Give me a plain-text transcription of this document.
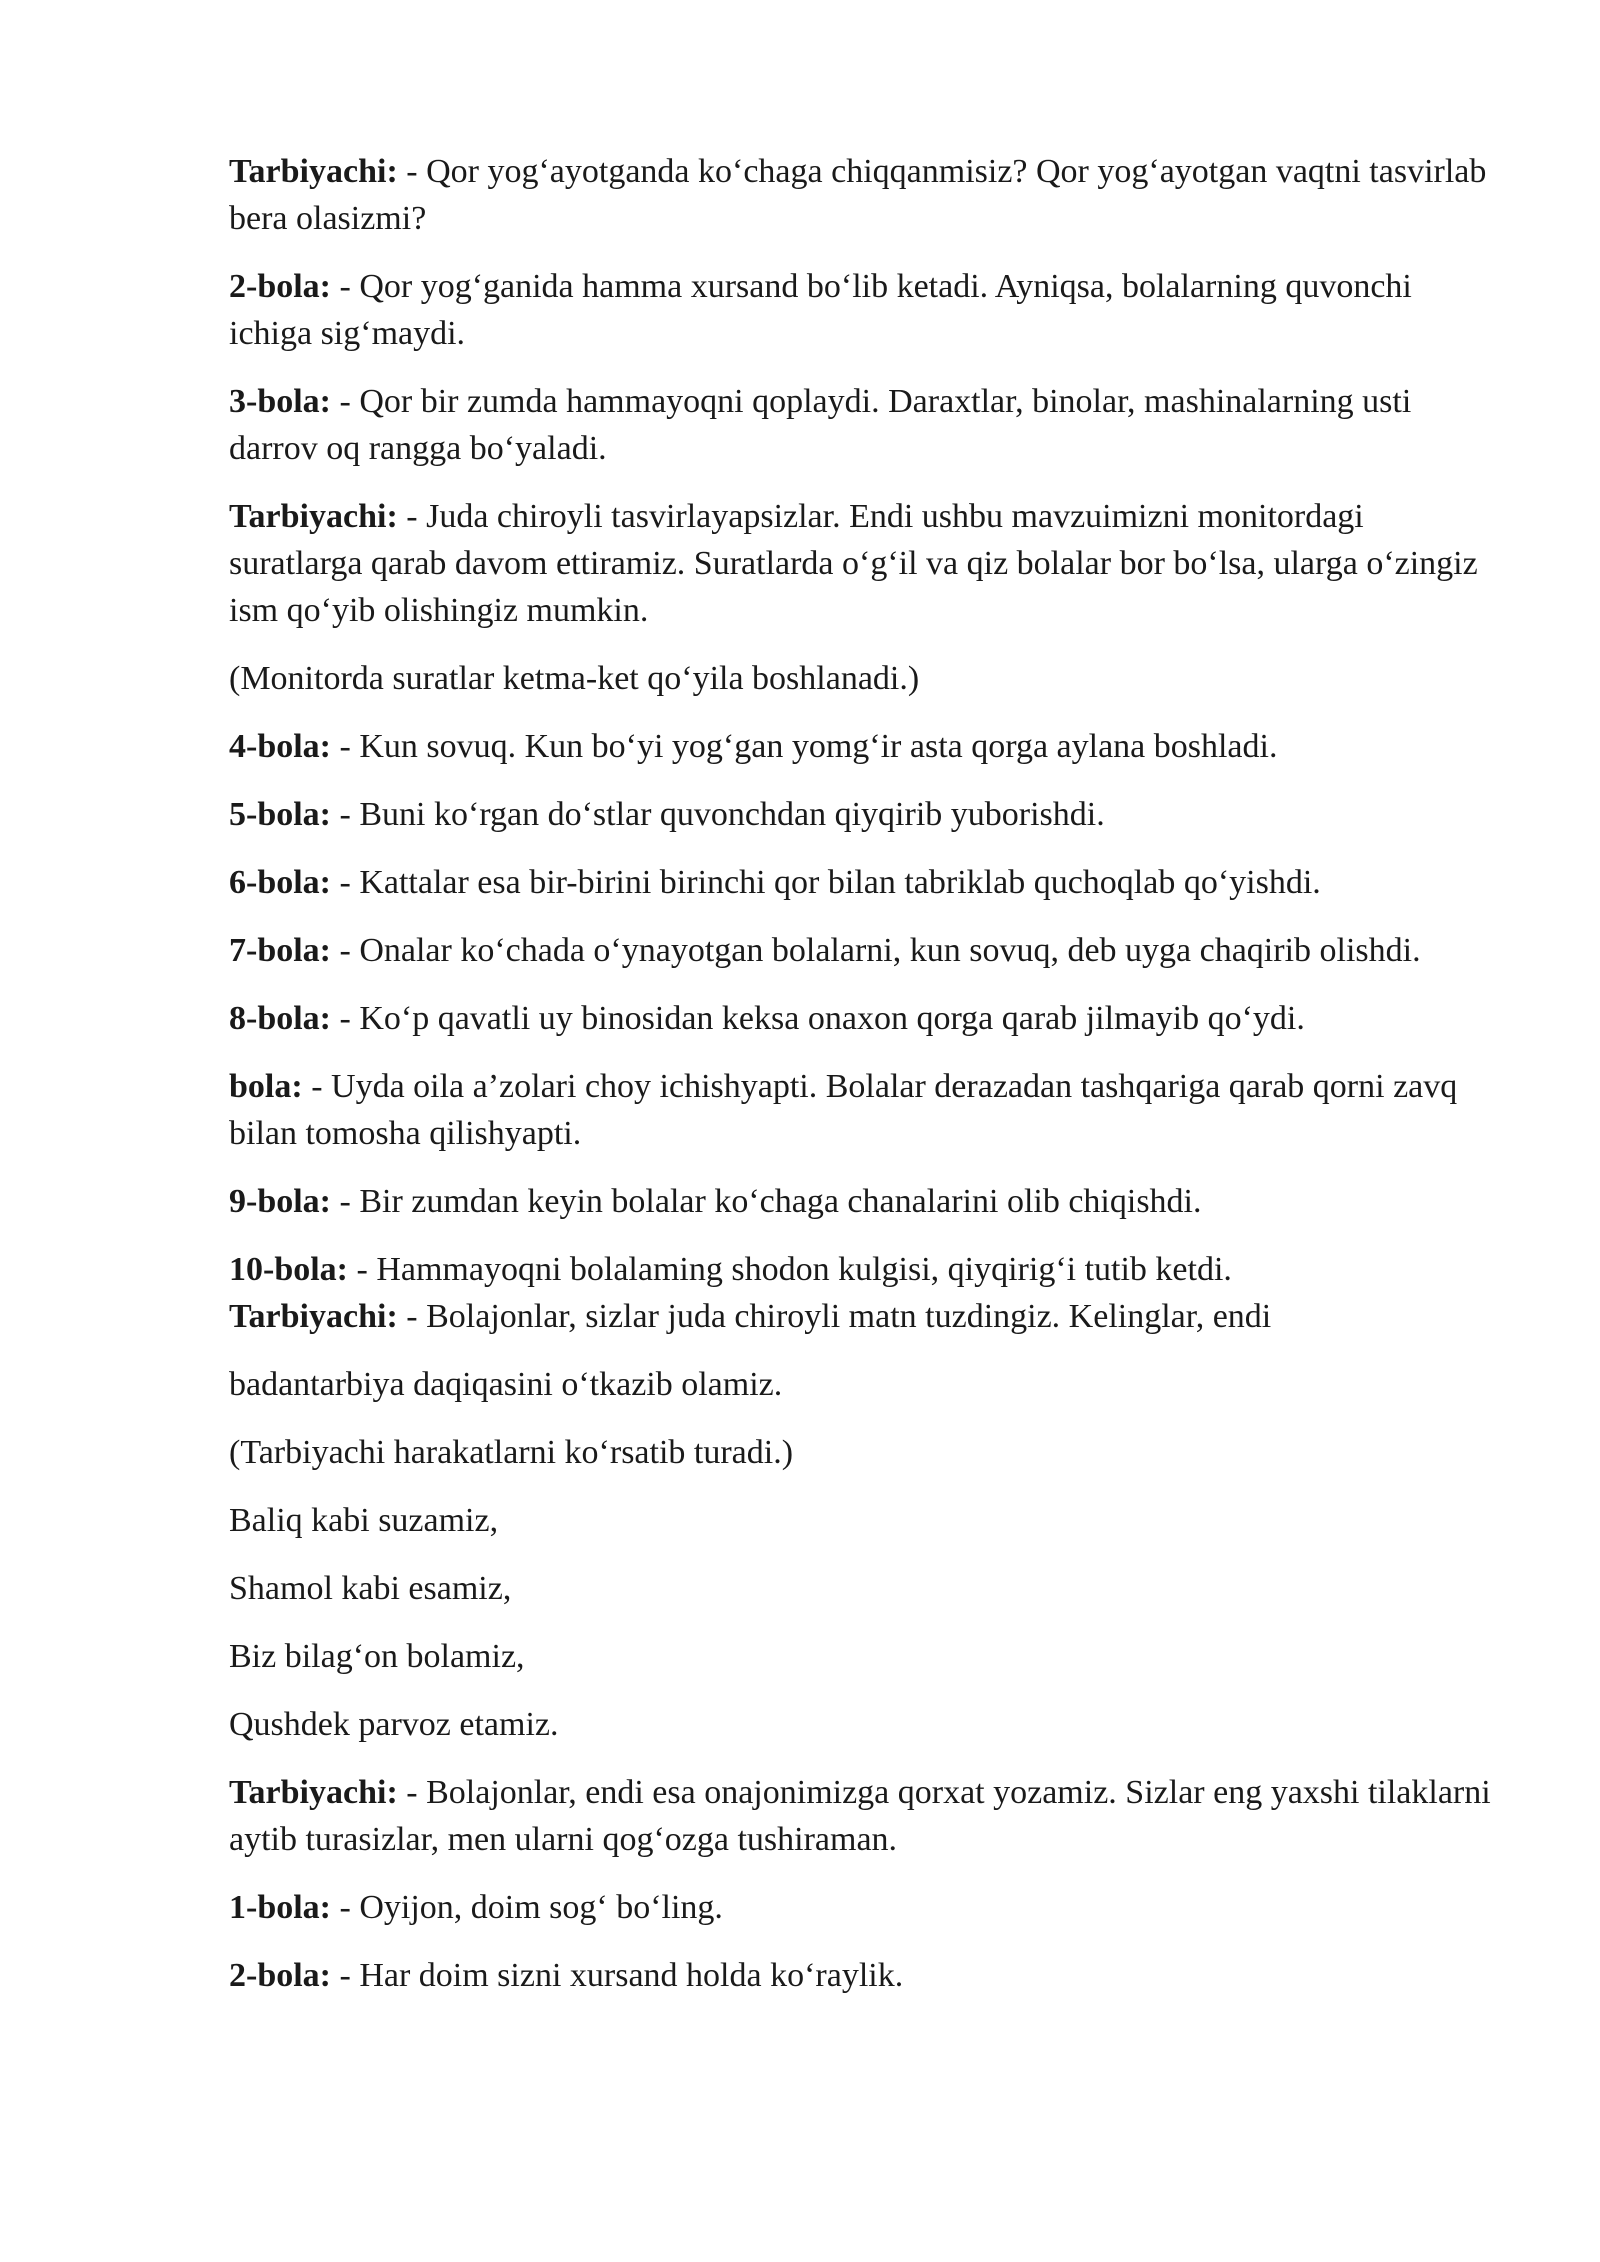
Tarbiyachi: - Qor yog‘ayotganda ko‘chaga chiqqanmisiz? Qor yog‘ayotgan vaqtni tasvirlab bera olasizmi?

2-bola: - Qor yog‘ganida hamma xursand bo‘lib ketadi. Ayniqsa, bolalarning quvonchi ichiga sig‘maydi.

3-bola: - Qor bir zumda hammayoqni qoplaydi. Daraxtlar, binolar, mashinalarning usti darrov oq rangga bo‘yaladi.

Tarbiyachi: - Juda chiroyli tasvirlayapsizlar. Endi ushbu mavzuimizni monitordagi suratlarga qarab davom ettiramiz. Suratlarda o‘g‘il va qiz bolalar bor bo‘lsa, ularga o‘zingiz ism qo‘yib olishingiz mumkin.

(Monitorda suratlar ketma-ket qo‘yila boshlanadi.)

4-bola: - Kun sovuq. Kun bo‘yi yog‘gan yomg‘ir asta qorga aylana boshladi.

5-bola: - Buni ko‘rgan do‘stlar quvonchdan qiyqirib yuborishdi.

6-bola: - Kattalar esa bir-birini birinchi qor bilan tabriklab quchoqlab qo‘yishdi.

7-bola: - Onalar ko‘chada o‘ynayotgan bolalarni, kun sovuq, deb uyga chaqirib olishdi.

8-bola: - Ko‘p qavatli uy binosidan keksa onaxon qorga qarab jilmayib qo‘ydi.

bola: - Uyda oila a’zolari choy ichishyapti. Bolalar derazadan tashqariga qarab qorni zavq bilan tomosha qilishyapti.

9-bola: - Bir zumdan keyin bolalar ko‘chaga chanalarini olib chiqishdi.

10-bola: - Hammayoqni bolalaming shodon kulgisi, qiyqirig‘i tutib ketdi.

Tarbiyachi: - Bolajonlar, sizlar juda chiroyli matn tuzdingiz. Kelinglar, endi

badantarbiya daqiqasini o‘tkazib olamiz.

(Tarbiyachi harakatlarni ko‘rsatib turadi.)

Baliq kabi suzamiz,

Shamol kabi esamiz,

Biz bilag‘on bolamiz,

Qushdek parvoz etamiz.

Tarbiyachi: - Bolajonlar, endi esa onajonimizga qorxat yozamiz. Sizlar eng yaxshi tilaklarni aytib turasizlar, men ularni qog‘ozga tushiraman.

1-bola: - Oyijon, doim sog‘ bo‘ling.

2-bola: - Har doim sizni xursand holda ko‘raylik.
